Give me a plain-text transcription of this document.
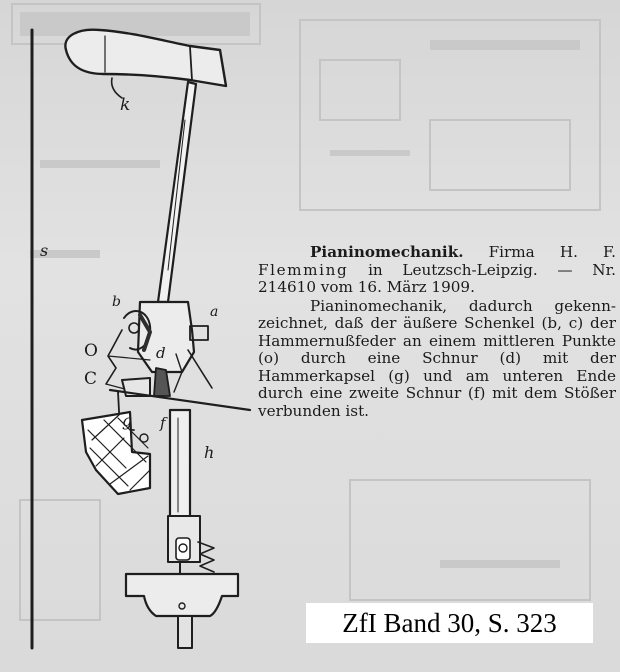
k
s
b
a
O	d
C
g f
h

Pianinomechanik. Firma H. F. Flemming in Leutzsch-Leipzig. — Nr. 214610 vom 16. März 1909.

Pianinomechanik, dadurch gekenn-zeichnet, daß der äußere Schenkel (b, c) der Hammernußfeder an einem mittleren Punkte (o) durch eine Schnur (d) mit der Hammerkapsel (g) und am unteren Ende durch eine zweite Schnur (f) mit dem Stößer verbunden ist.

ZfI Band 30, S. 323
